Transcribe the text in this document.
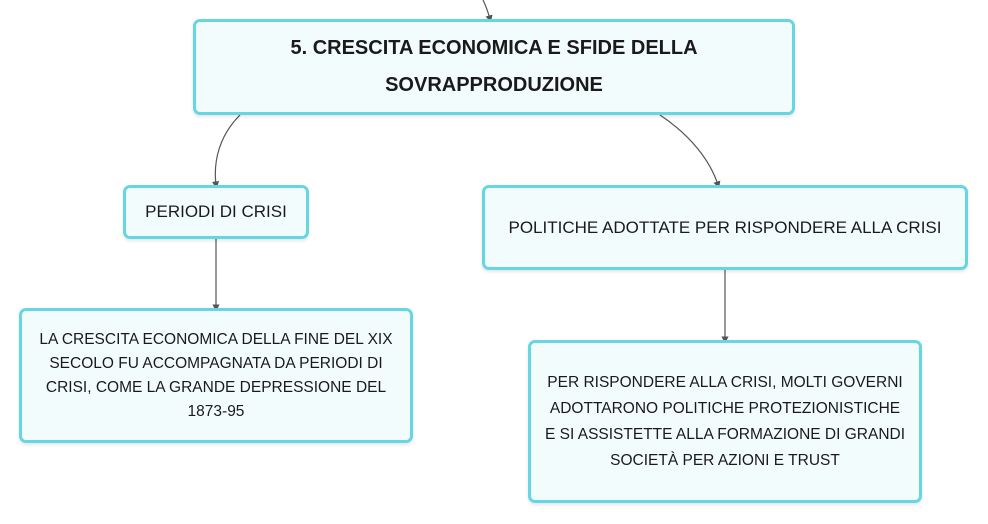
5. CRESCITA ECONOMICA E SFIDE DELLA SOVRAPPRODUZIONE
PERIODI DI CRISI
POLITICHE ADOTTATE PER RISPONDERE ALLA CRISI
LA CRESCITA ECONOMICA DELLA FINE DEL XIX SECOLO FU ACCOMPAGNATA DA PERIODI DI CRISI, COME LA GRANDE DEPRESSIONE DEL 1873-95
PER RISPONDERE ALLA CRISI, MOLTI GOVERNI ADOTTARONO POLITICHE PROTEZIONISTICHE E SI ASSISTETTE ALLA FORMAZIONE DI GRANDI SOCIETÀ PER AZIONI E TRUST
